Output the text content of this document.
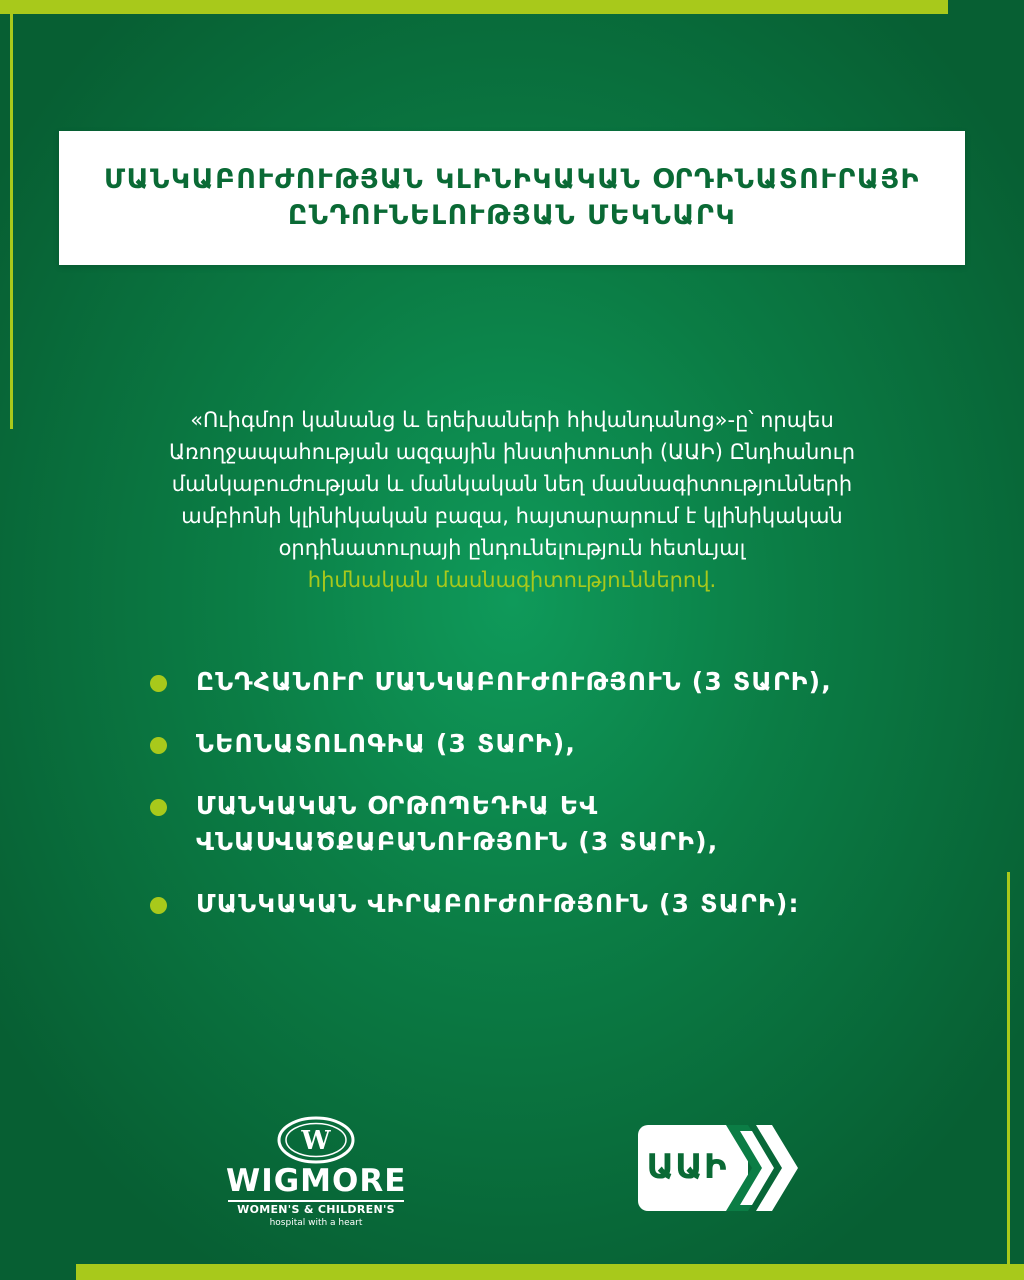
ՄԱՆԿԱԲՈՒԺՈՒԹՅԱՆ ԿԼԻՆԻԿԱԿԱՆ ՕՐԴԻՆԱՏՈՒՐԱՅԻ
ԸՆԴՈՒՆԵԼՈՒԹՅԱՆ ՄԵԿՆԱՐԿ
«Ուիգմոր կանանց և երեխաների հիվանդանոց»-ը՝ որպես
Առողջապահության ազգային ինստիտուտի (ԱԱԻ) Ընդհանուր
մանկաբուժության և մանկական նեղ մասնագիտությունների
ամբիոնի կլինիկական բազա, հայտարարում է կլինիկական
օրդինատուրայի ընդունելություն հետևյալ
հիմնական մասնագիտություններով.
ԸՆԴՀԱՆՈՒՐ ՄԱՆԿԱԲՈՒԺՈՒԹՅՈՒՆ (3 ՏԱՐԻ),
ՆԵՈՆԱՏՈԼՈԳԻԱ (3 ՏԱՐԻ),
ՄԱՆԿԱԿԱՆ ՕՐԹՈՊԵԴԻԱ ԵՎ
ՎՆԱՍՎԱԾՔԱԲԱՆՈՒԹՅՈՒՆ (3 ՏԱՐԻ),
ՄԱՆԿԱԿԱՆ ՎԻՐԱԲՈՒԺՈՒԹՅՈՒՆ (3 ՏԱՐԻ):
W
WIGMORE
WOMEN'S & CHILDREN'S
hospital with a heart
ԱԱԻ
